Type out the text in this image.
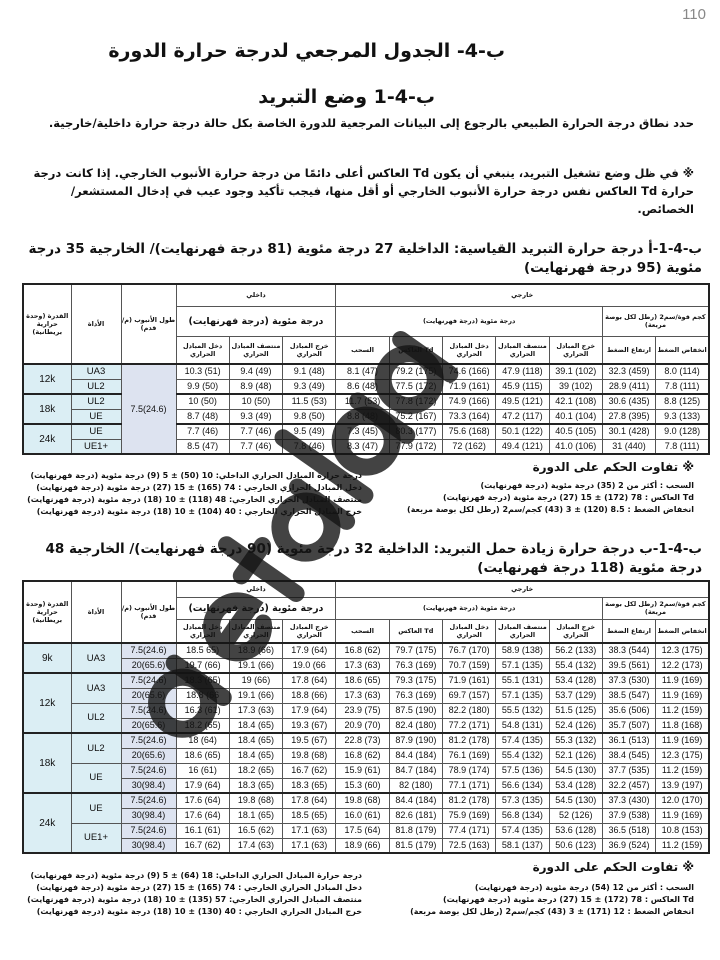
110
ب-4- الجدول المرجعي لدرجة حرارة الدورة
ب-4-1 وضع التبريد
حدد نطاق درجة الحرارة الطبيعي بالرجوع إلى البيانات المرجعية للدورة الخاصة بكل حالة درجة حرارة داخلية/خارجية.
※ في ظل وضع تشغيل التبريد، ينبغي أن يكون Td العاكس أعلى دائمًا من درجة حرارة الأنبوب الخارجي. إذا كانت درجة حرارة Td العاكس نفس درجة حرارة الأنبوب الخارجي أو أقل منها، فيجب تأكيد وجود عيب في إدخال المستشعر/الخصائص.
ب-4-1-أ درجة حرارة التبريد القياسية: الداخلية 27 درجة مئوية (81 درجة فهرنهايت)/ الخارجية 35 درجة مئوية (95 درجة فهرنهايت)
القدرة (وحدة حرارية بريطانية)	الأداة	طول الأنبوب (م/ قدم)	داخلي			خارجي						
			درجة مئوية (درجة فهرنهايت)			درجة مئوية (درجة فهرنهايت)					كجم قوة/سم2 (رطل لكل بوصة مربعة)	
			دخل المبادل الحراري	منتصف المبادل الحراري	خرج المبادل الحراري	السحب	Td العاكس	دخل المبادل الحراري	منتصف المبادل الحراري	خرج المبادل الحراري	ارتفاع الضغط	انخفاض الضغط
12k	UA3	7.5(24.6)	10.3 (51)	9.4 (49)	9.1 (48)	8.1 (47)	79.2 (175)	74.6 (166)	47.9 (118)	39.1 (102)	32.3 (459)	8.0 (114)
	UL2		9.9 (50)	8.9 (48)	9.3 (49)	8.6 (48)	77.5 (172)	71.9 (161)	45.9 (115)	39 (102)	28.9 (411)	7.8 (111)
18k	UL2		10 (50)	10 (50)	11.5 (53)	11.7 (53)	77.8 (172)	74.9 (166)	49.5 (121)	42.1 (108)	30.6 (435)	8.8 (125)
	UE		8.7 (48)	9.3 (49)	9.8 (50)	8.8 (48)	75.2 (167)	73.3 (164)	47.2 (117)	40.1 (104)	27.8 (395)	9.3 (133)
24k	UE		7.7 (46)	7.7 (46)	9.5 (49)	7.3 (45)	80.3 (177)	75.6 (168)	50.1 (122)	40.5 (105)	30.1 (428)	9.0 (128)
	UE1+		8.5 (47)	7.7 (46)	7.8 (46)	8.3 (47)	77.9 (172)	72 (162)	49.4 (121)	41.0 (106)	31 (440)	7.8 (111)
※ تفاوت الحكم على الدورة
السحب : أكثر من 2 (35) درجة مئوية (درجة فهرنهايت)
Td العاكس : 78 (172) ± 15 (27) درجة مئوية (درجة فهرنهايت)
انخفاض الضغط : 8.5 (120) ± 3 (43) كجم/سم2 (رطل لكل بوصة مربعة)
درجة حرارة المبادل الحراري الداخلي: 10 (50) ± 5 (9) درجة مئوية (درجة فهرنهايت)
دخل المبادل الحراري الخارجي : 74 (165) ± 15 (27) درجة مئوية (درجة فهرنهايت)
منتصف المبادل الحراري الخارجي: 48 (118) ± 10 (18) درجة مئوية (درجة فهرنهايت)
خرج المبادل الحراري الخارجي : 40 (104) ± 10 (18) درجة مئوية (درجة فهرنهايت)
ب-4-1-ب درجة حرارة زيادة حمل التبريد: الداخلية 32 درجة مئوية (90 درجة فهرنهايت)/ الخارجية 48 درجة مئوية (118 درجة فهرنهايت)
القدرة (وحدة حرارية بريطانية)	الأداة	طول الأنبوب (م/ قدم)	داخلي			خارجي						
			درجة مئوية (درجة فهرنهايت)			درجة مئوية (درجة فهرنهايت)					كجم قوة/سم2 (رطل لكل بوصة مربعة)	
			دخل المبادل الحراري	منتصف المبادل الحراري	خرج المبادل الحراري	السحب	Td العاكس	دخل المبادل الحراري	منتصف المبادل الحراري	خرج المبادل الحراري	ارتفاع الضغط	انخفاض الضغط
9k	UA3	7.5(24.6)	18.5 65)	18.9 (66)	17.9 (64)	16.8 (62)	79.7 (175)	76.7 (170)	58.9 (138)	56.2 (133)	38.3 (544)	12.3 (175)
		20(65.6)	19.7 (66)	19.1 (66)	19.0 (66	17.3 (63)	76.3 (169)	70.7 (159)	57.1 (135)	55.4 (132)	39.5 (561)	12.2 (173)
12k	UA3	7.5(24.6)	18.3 (65)	19 (66)	17.8 (64)	18.6 (65)	79.3 (175)	71.9 (161)	55.1 (131)	53.4 (128)	37.3 (530)	11.9 (169)
		20(65.6)	18.8 (66	19.1 (66)	18.8 (66)	17.3 (63)	76.3 (169)	69.7 (157)	57.1 (135)	53.7 (129)	38.5 (547)	11.9 (169)
	UL2	7.5(24.6)	16.3 (61)	17.3 (63)	17.9 (64)	23.9 (75)	87.5 (190)	82.2 (180)	55.5 (132)	51.5 (125)	35.6 (506)	11.2 (159)
		20(65.6)	18.2 (65)	18.4 (65)	19.3 (67)	20.9 (70)	82.4 (180)	77.2 (171)	54.8 (131)	52.4 (126)	35.7 (507)	11.8 (168)
18k	UL2	7.5(24.6)	18 (64)	18.4 (65)	19.5 (67)	22.8 (73)	87.9 (190)	81.2 (178)	57.4 (135)	55.3 (132)	36.1 (513)	11.9 (169)
		20(65.6)	18.6 (65)	18.4 (65)	19.8 (68)	16.8 (62)	84.4 (184)	76.1 (169)	55.4 (132)	52.1 (126)	38.4 (545)	12.3 (175)
	UE	7.5(24.6)	16 (61)	18.2 (65)	16.7 (62)	15.9 (61)	84.7 (184)	78.9 (174)	57.5 (136)	54.5 (130)	37.7 (535)	11.2 (159)
		30(98.4)	17.9 (64)	18.3 (65)	18.3 (65)	15.3 (60)	82 (180)	77.1 (171)	56.6 (134)	53.4 (128)	32.2 (457)	13.9 (197)
24k	UE	7.5(24.6)	17.6 (64)	19.8 (68)	17.8 (64)	19.8 (68)	84.4 (184)	81.2 (178)	57.3 (135)	54.5 (130)	37.3 (430)	12.0 (170)
		30(98.4)	17.6 (64)	18.1 (65)	18.5 (65)	16.0 (61)	82.6 (181)	75.9 (169)	56.8 (134)	52 (126)	37.9 (538)	11.9 (169)
	UE1+	7.5(24.6)	16.1 (61)	16.5 (62)	17.1 (63)	17.5 (64)	81.8 (179)	77.4 (171)	57.4 (135)	53.6 (128)	36.5 (518)	10.8 (153)
		30(98.4)	16.7 (62)	17.4 (63)	17.1 (63)	18.9 (66)	81.5 (179)	72.5 (163)	58.1 (137)	50.6 (123)	36.9 (524)	11.2 (159)
※ تفاوت الحكم على الدورة
السحب : أكثر من 12 (54) درجة مئوية (درجة فهرنهايت)
Td العاكس : 78 (172) ± 15 (27) درجة مئوية (درجة فهرنهايت)
انخفاض الضغط : 12 (171) ± 3 (43) كجم/سم2 (رطل لكل بوصة مربعة)
درجة حرارة المبادل الحراري الداخلي: 18 (64) ± 5 (9) درجة مئوية (درجة فهرنهايت)
دخل المبادل الحراري الخارجي : 74 (165) ± 15 (27) درجة مئوية (درجة فهرنهايت)
منتصف المبادل الحراري الخارجي: 57 (135) ± 10 (18) درجة مئوية (درجة فهرنهايت)
خرج المبادل الحراري الخارجي : 40 (130) ± 10 (18) درجة مئوية (درجة فهرنهايت)
